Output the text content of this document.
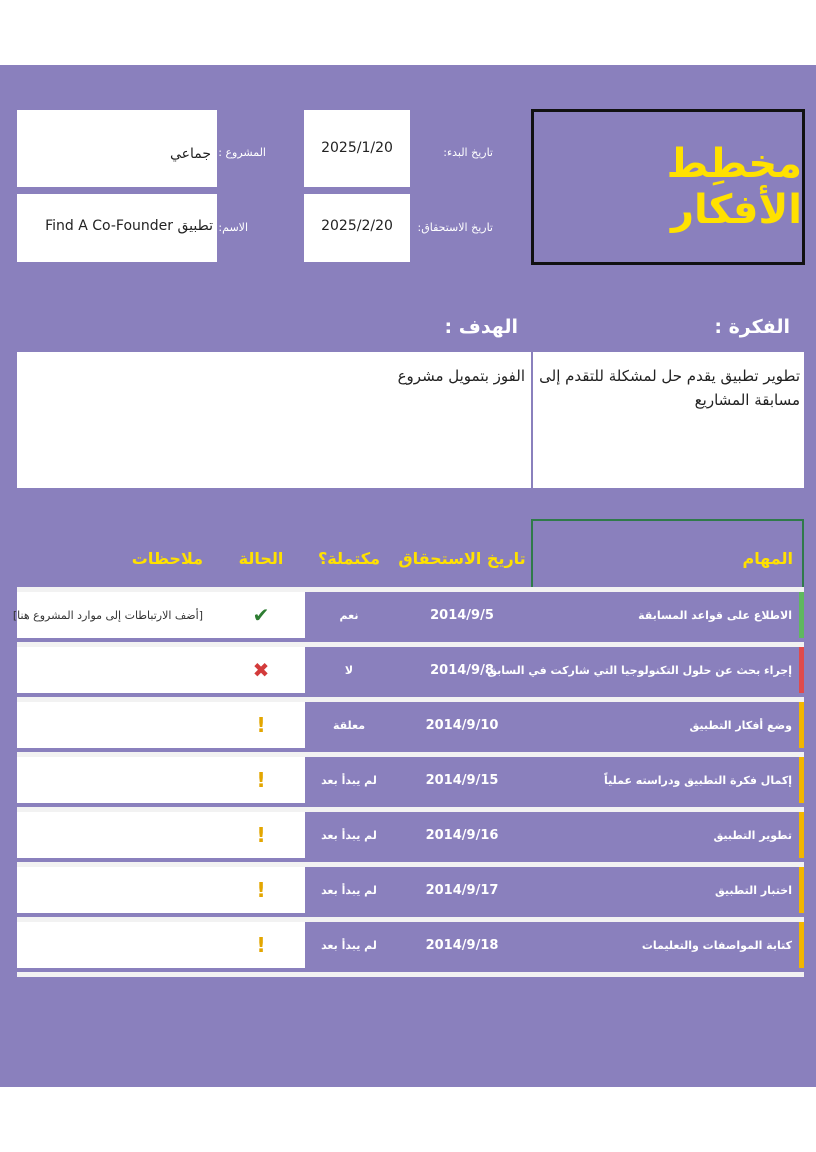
مخطِط الأفكار
2025/1/20	تاريخ البدء:
2025/2/20	تاريخ الاستحقاق:
جماعي المشروع :
تطبيق Find A Co-Founder الاسم:
الفكرة :
الهدف :
تطوير تطبيق يقدم حل لمشكلة للتقدم إلى مسابقة المشاريع
الفوز بتمويل مشروع
المهام
تاريخ الاستحقاق
مكتملة؟
الحالة
ملاحظات
الاطلاع على قواعد المسابقة
2014/9/5
نعم
✔
[أضف الارتباطات إلى موارد المشروع هنا]
إجراء بحث عن حلول التكنولوجيا التي شاركت في السابق
2014/9/8
لا
✖
وضع أفكار التطبيق
2014/9/10
معلقة
!
إكمال فكرة التطبيق ودراسته عملياً
2014/9/15
لم يبدأ بعد
!
تطوير التطبيق
2014/9/16
لم يبدأ بعد
!
اختبار التطبيق
2014/9/17
لم يبدأ بعد
!
كتابة المواصفات والتعليمات
2014/9/18
لم يبدأ بعد
!
